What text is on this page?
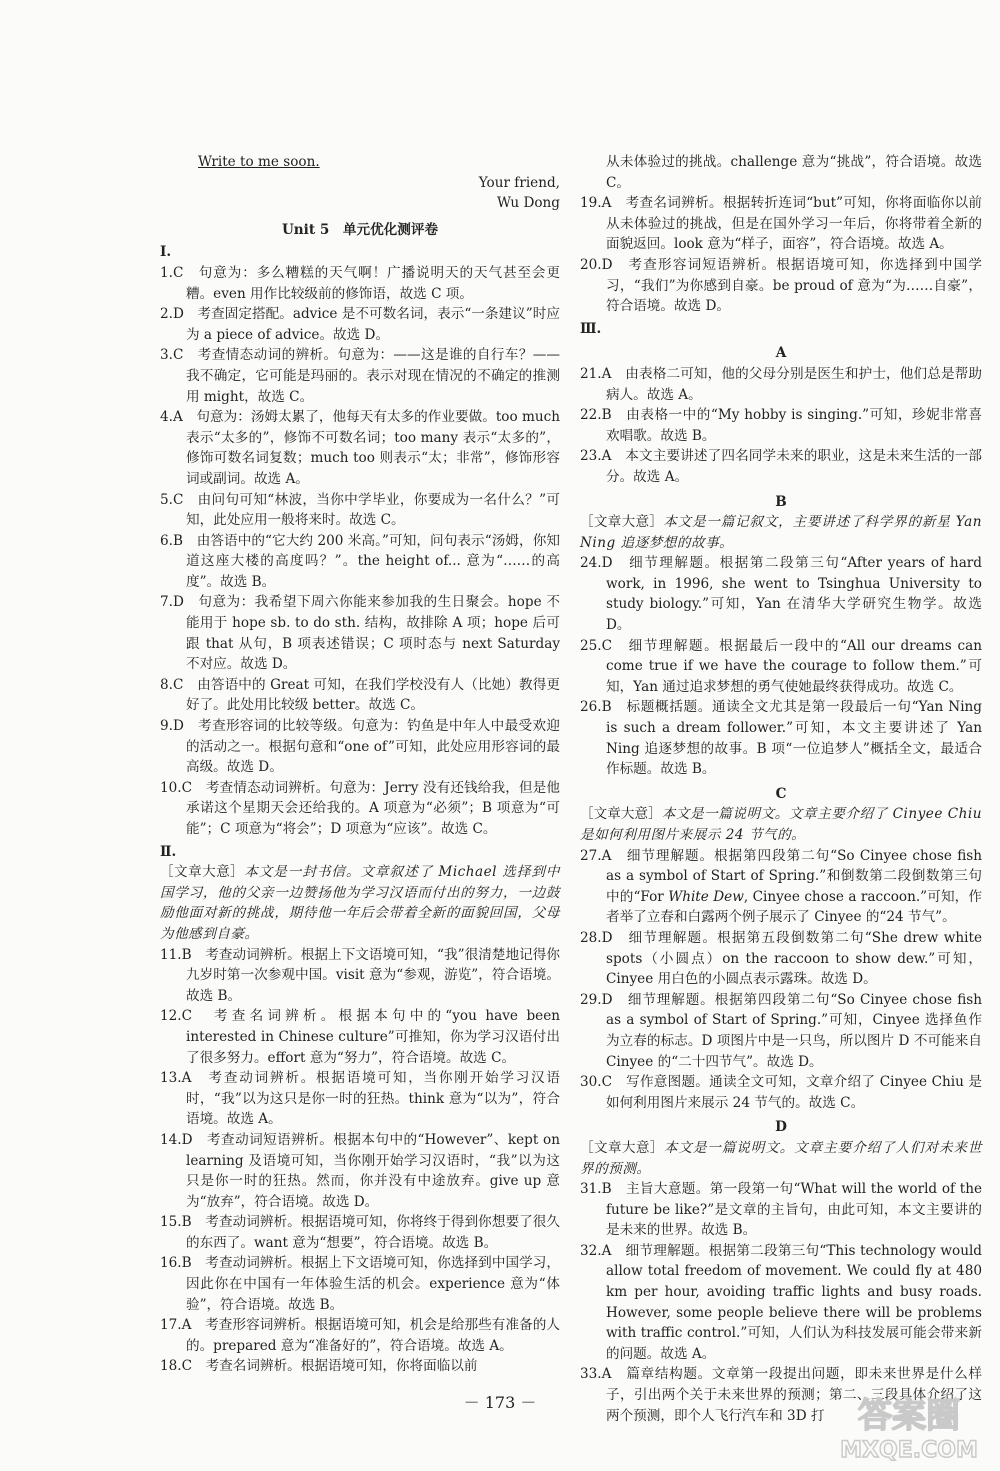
Write to me soon.

Your friend,

Wu Dong

Unit 5　单元优化测评卷

Ⅰ.

1.C　句意为：多么糟糕的天气啊！广播说明天的天气甚至会更糟。even 用作比较级前的修饰语，故选 C 项。

2.D　考查固定搭配。advice 是不可数名词，表示“一条建议”时应为 a piece of advice。故选 D。

3.C　考查情态动词的辨析。句意为：——这是谁的自行车？——我不确定，它可能是玛丽的。表示对现在情况的不确定的推测用 might，故选 C。

4.A　句意为：汤姆太累了，他每天有太多的作业要做。too much 表示“太多的”，修饰不可数名词；too many 表示“太多的”，修饰可数名词复数；much too 则表示“太；非常”，修饰形容词或副词。故选 A。

5.C　由问句可知“林波，当你中学毕业，你要成为一名什么？”可知，此处应用一般将来时。故选 C。

6.B　由答语中的“它大约 200 米高。”可知，问句表示“汤姆，你知道这座大楼的高度吗？”。the height of... 意为“……的高度”。故选 B。

7.D　句意为：我希望下周六你能来参加我的生日聚会。hope 不能用于 hope sb. to do sth. 结构，故排除 A 项；hope 后可跟 that 从句，B 项表述错误；C 项时态与 next Saturday 不对应。故选 D。

8.C　由答语中的 Great 可知，在我们学校没有人（比她）教得更好了。此处用比较级 better。故选 C。

9.D　考查形容词的比较等级。句意为：钓鱼是中年人中最受欢迎的活动之一。根据句意和“one of”可知，此处应用形容词的最高级。故选 D。

10.C　考查情态动词辨析。句意为：Jerry 没有还钱给我，但是他承诺这个星期天会还给我的。A 项意为“必须”；B 项意为“可能”；C 项意为“将会”；D 项意为“应该”。故选 C。

Ⅱ.

［文章大意］本文是一封书信。文章叙述了 Michael 选择到中国学习，他的父亲一边赞扬他为学习汉语而付出的努力，一边鼓励他面对新的挑战，期待他一年后会带着全新的面貌回国，父母为他感到自豪。

11.B　考查动词辨析。根据上下文语境可知，“我”很清楚地记得你九岁时第一次参观中国。visit 意为“参观，游览”，符合语境。故选 B。

12.C　考查名词辨析。根据本句中的“you have been interested in Chinese culture”可推知，你为学习汉语付出了很多努力。effort 意为“努力”，符合语境。故选 C。

13.A　考查动词辨析。根据语境可知，当你刚开始学习汉语时，“我”以为这只是你一时的狂热。think 意为“以为”，符合语境。故选 A。

14.D　考查动词短语辨析。根据本句中的“However”、kept on learning 及语境可知，当你刚开始学习汉语时，“我”以为这只是你一时的狂热。然而，你并没有中途放弃。give up 意为“放弃”，符合语境。故选 D。

15.B　考查动词辨析。根据语境可知，你将终于得到你想要了很久的东西了。want 意为“想要”，符合语境。故选 B。

16.B　考查动词辨析。根据上下文语境可知，你选择到中国学习，因此你在中国有一年体验生活的机会。experience 意为“体验”，符合语境。故选 B。

17.A　考查形容词辨析。根据语境可知，机会是给那些有准备的人的。prepared 意为“准备好的”，符合语境。故选 A。

18.C　考查名词辨析。根据语境可知，你将面临以前

从未体验过的挑战。challenge 意为“挑战”，符合语境。故选 C。

19.A　考查名词辨析。根据转折连词“but”可知，你将面临你以前从未体验过的挑战，但是在国外学习一年后，你将带着全新的面貌返回。look 意为“样子，面容”，符合语境。故选 A。

20.D　考查形容词短语辨析。根据语境可知，你选择到中国学习，“我们”为你感到自豪。be proud of 意为“为……自豪”，符合语境。故选 D。

Ⅲ.

A

21.A　由表格二可知，他的父母分别是医生和护士，他们总是帮助病人。故选 A。

22.B　由表格一中的“My hobby is singing.”可知，珍妮非常喜欢唱歌。故选 B。

23.A　本文主要讲述了四名同学未来的职业，这是未来生活的一部分。故选 A。

B

［文章大意］本文是一篇记叙文，主要讲述了科学界的新星 Yan Ning 追逐梦想的故事。

24.D　细节理解题。根据第二段第三句“After years of hard work, in 1996, she went to Tsinghua University to study biology.”可知，Yan 在清华大学研究生物学。故选 D。

25.C　细节理解题。根据最后一段中的“All our dreams can come true if we have the courage to follow them.”可知，Yan 通过追求梦想的勇气使她最终获得成功。故选 C。

26.B　标题概括题。通读全文尤其是第一段最后一句“Yan Ning is such a dream follower.”可知，本文主要讲述了 Yan Ning 追逐梦想的故事。B 项“一位追梦人”概括全文，最适合作标题。故选 B。

C

［文章大意］本文是一篇说明文。文章主要介绍了 Cinyee Chiu 是如何利用图片来展示 24 节气的。

27.A　细节理解题。根据第四段第二句“So Cinyee chose fish as a symbol of Start of Spring.”和倒数第二段倒数第三句中的“For White Dew, Cinyee chose a raccoon.”可知，作者举了立春和白露两个例子展示了 Cinyee 的“24 节气”。

28.D　细节理解题。根据第五段倒数第二句“She drew white spots（小圆点）on the raccoon to show dew.”可知，Cinyee 用白色的小圆点表示露珠。故选 D。

29.D　细节理解题。根据第四段第二句“So Cinyee chose fish as a symbol of Start of Spring.”可知，Cinyee 选择鱼作为立春的标志。D 项图片中是一只鸟，所以图片 D 不可能来自 Cinyee 的“二十四节气”。故选 D。

30.C　写作意图题。通读全文可知，文章介绍了 Cinyee Chiu 是如何利用图片来展示 24 节气的。故选 C。

D

［文章大意］本文是一篇说明文。文章主要介绍了人们对未来世界的预测。

31.B　主旨大意题。第一段第一句“What will the world of the future be like?”是文章的主旨句，由此可知，本文主要讲的是未来的世界。故选 B。

32.A　细节理解题。根据第二段第三句“This technology would allow total freedom of movement. We could fly at 480 km per hour, avoiding traffic lights and busy roads. However, some people believe there will be problems with traffic control.”可知，人们认为科技发展可能会带来新的问题。故选 A。

33.A　篇章结构题。文章第一段提出问题，即未来世界是什么样子，引出两个关于未来世界的预测；第二、三段具体介绍了这两个预测，即个人飞行汽车和 3D 打

－ 173 －	答案圈
MXQE.COM
